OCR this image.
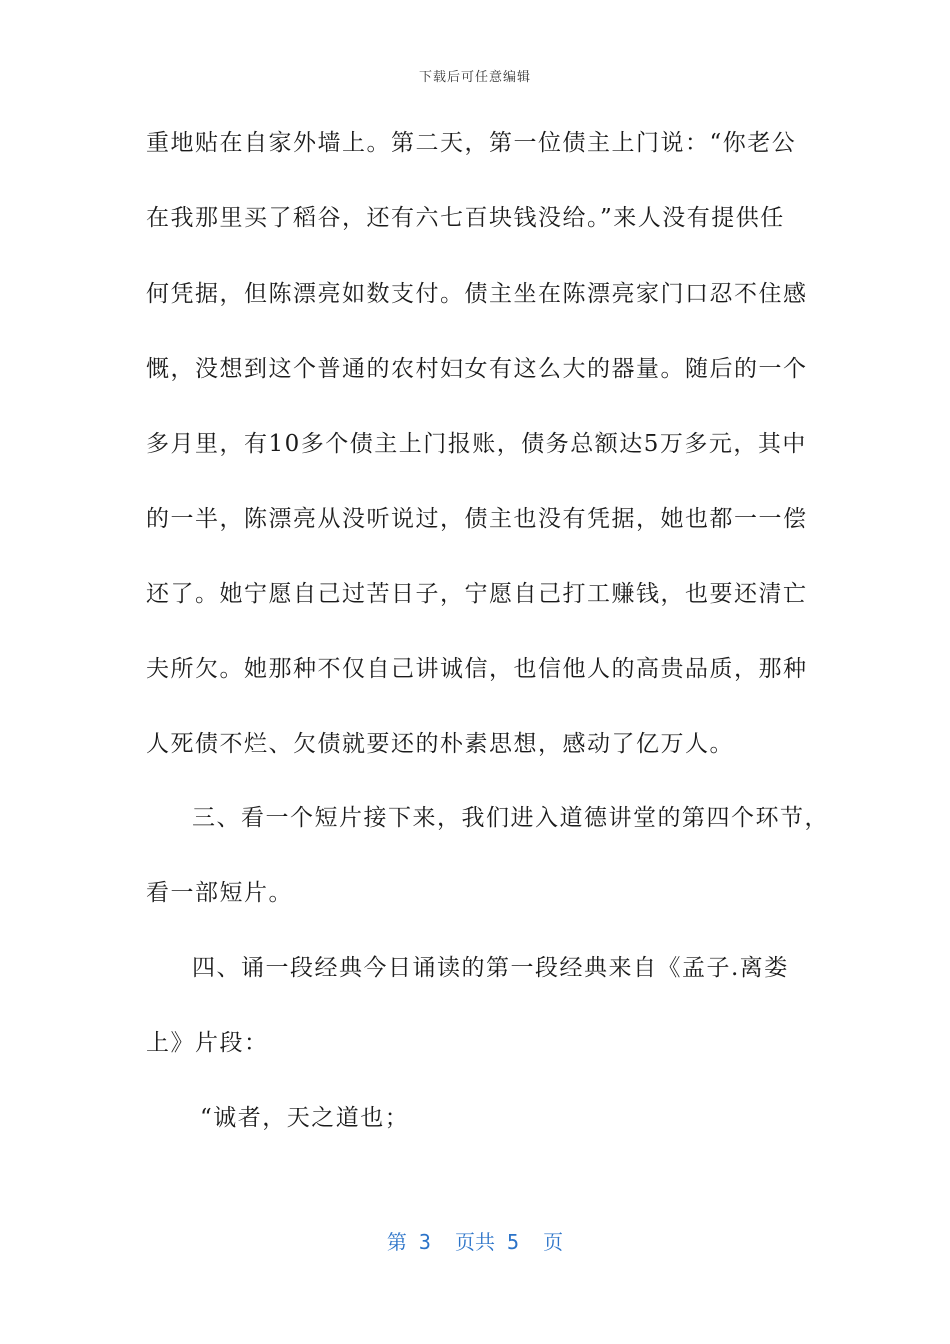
下载后可任意编辑
重地贴在自家外墙上。第二天，第一位债主上门说：“你老公
在我那里买了稻谷，还有六七百块钱没给。”来人没有提供任
何凭据，但陈漂亮如数支付。债主坐在陈漂亮家门口忍不住感
慨，没想到这个普通的农村妇女有这么大的器量。随后的一个
多月里，有10多个债主上门报账，债务总额达5万多元，其中
的一半，陈漂亮从没听说过，债主也没有凭据，她也都一一偿
还了。她宁愿自己过苦日子，宁愿自己打工赚钱，也要还清亡
夫所欠。她那种不仅自己讲诚信，也信他人的高贵品质，那种
人死债不烂、欠债就要还的朴素思想，感动了亿万人。
三、看一个短片接下来，我们进入道德讲堂的第四个环节，
看一部短片。
四、诵一段经典今日诵读的第一段经典来自《孟子.离娄
上》片段：
“诚者，天之道也；
第 3  页共 5  页
